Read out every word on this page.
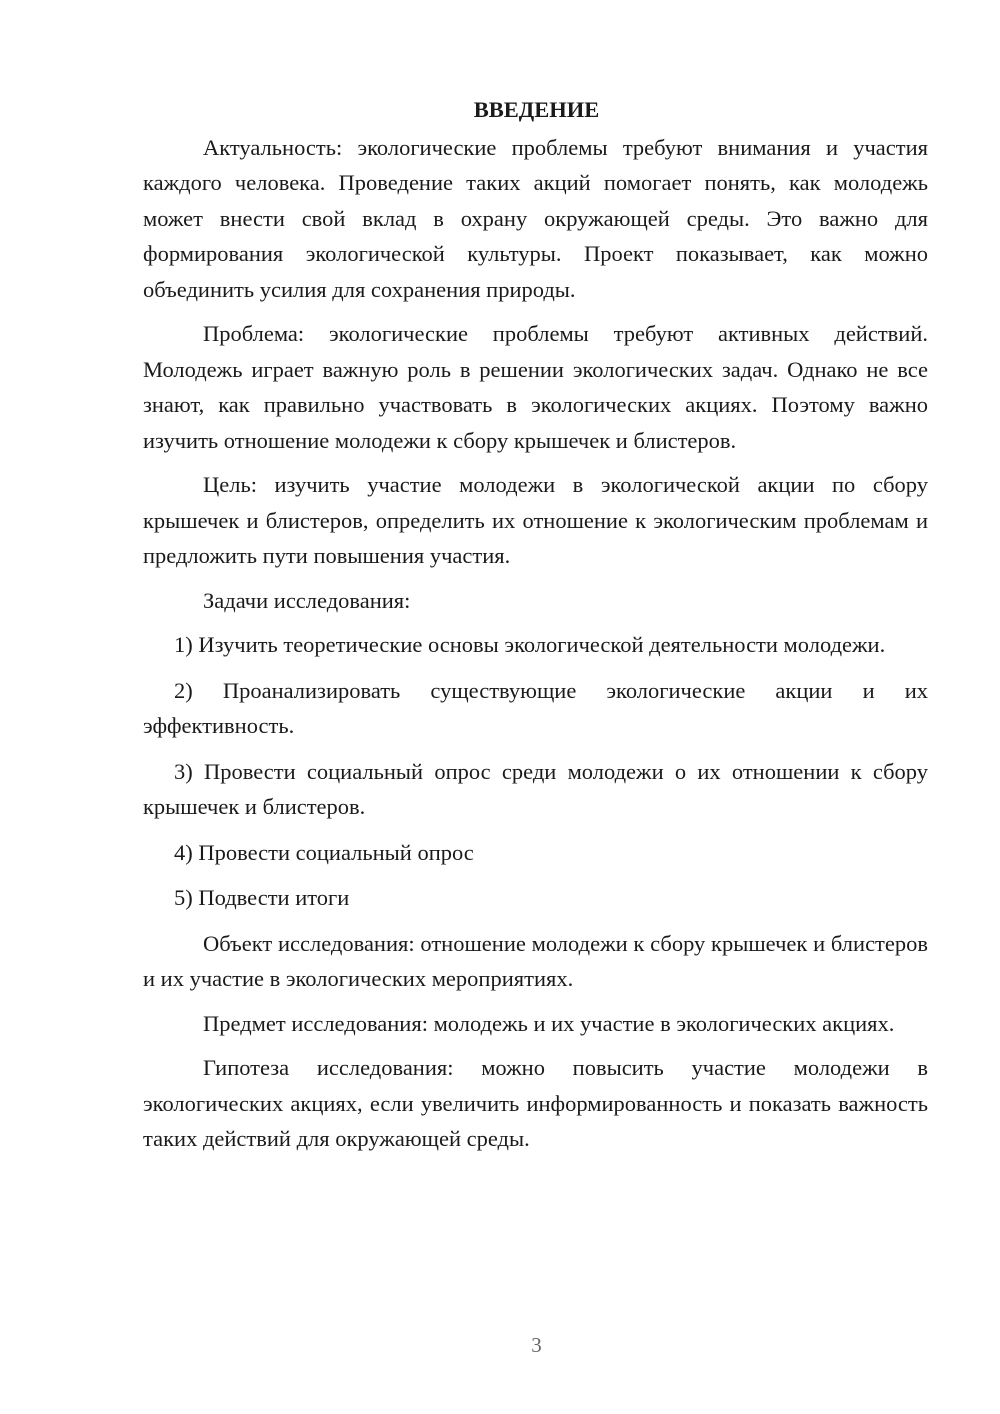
ВВЕДЕНИЕ

Актуальность: экологические проблемы требуют внимания и участия каждого человека. Проведение таких акций помогает понять, как молодежь может внести свой вклад в охрану окружающей среды. Это важно для формирования экологической культуры. Проект показывает, как можно объединить усилия для сохранения природы.

Проблема: экологические проблемы требуют активных действий. Молодежь играет важную роль в решении экологических задач. Однако не все знают, как правильно участвовать в экологических акциях. Поэтому важно изучить отношение молодежи к сбору крышечек и блистеров.

Цель: изучить участие молодежи в экологической акции по сбору крышечек и блистеров, определить их отношение к экологическим проблемам и предложить пути повышения участия.

Задачи исследования:

1) Изучить теоретические основы экологической деятельности молодежи.

2) Проанализировать существующие экологические акции и их эффективность.

3) Провести социальный опрос среди молодежи о их отношении к сбору крышечек и блистеров.

4) Провести социальный опрос

5) Подвести итоги

Объект исследования: отношение молодежи к сбору крышечек и блистеров и их участие в экологических мероприятиях.

Предмет исследования: молодежь и их участие в экологических акциях.

Гипотеза исследования: можно повысить участие молодежи в экологических акциях, если увеличить информированность и показать важность таких действий для окружающей среды.

3
